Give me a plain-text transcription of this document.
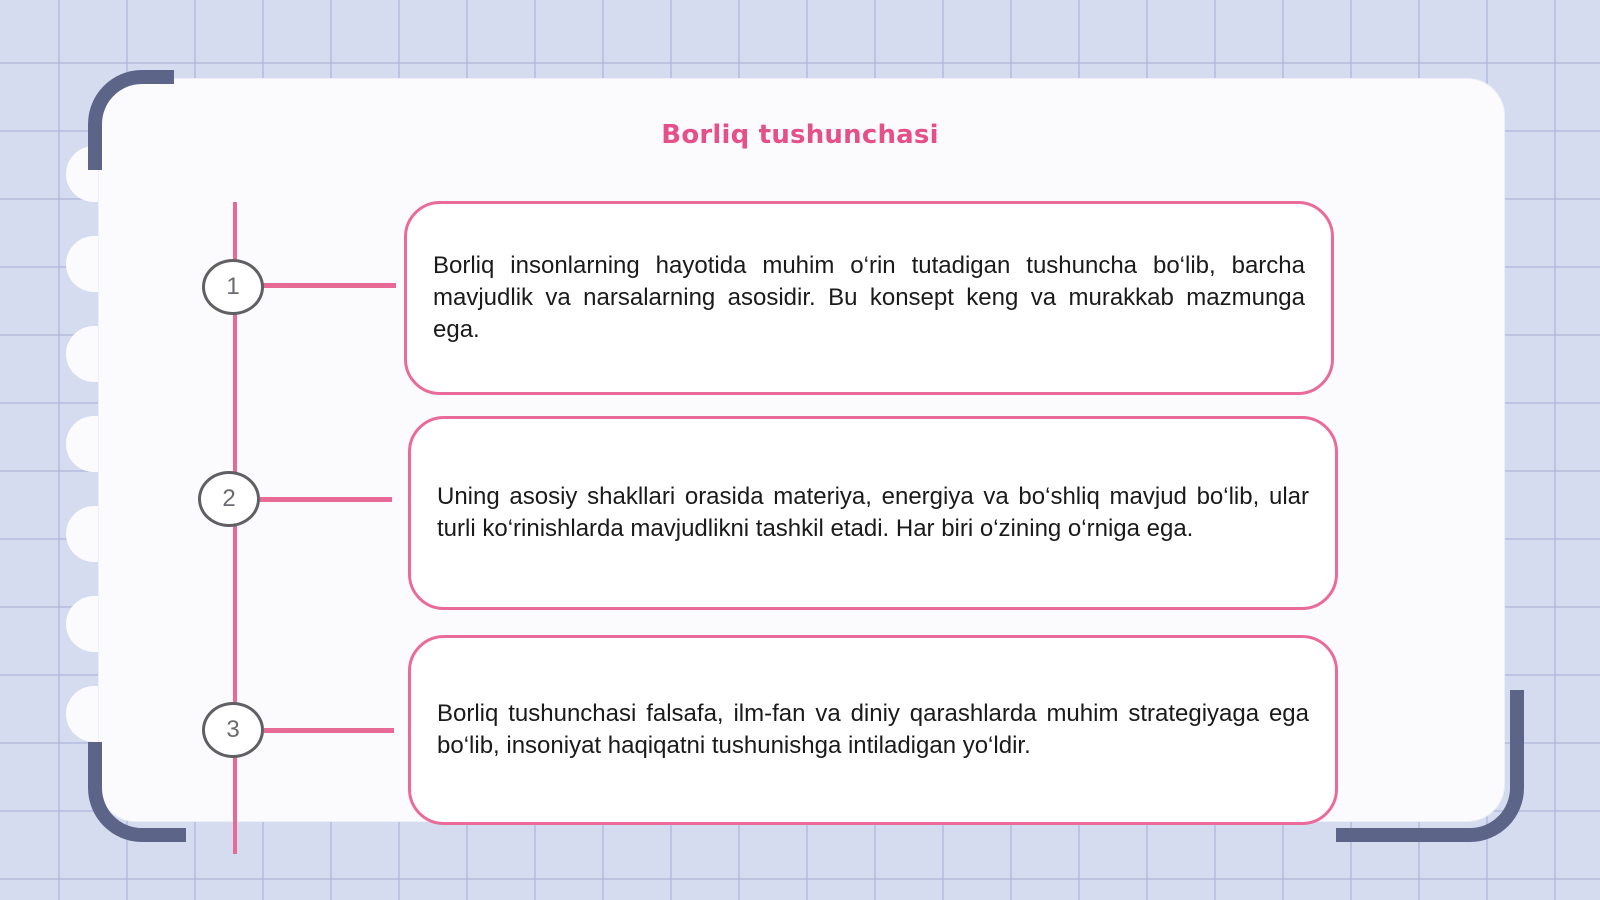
Borliq tushunchasi
1
2
3

Borliq insonlarning hayotida muhim o‘rin tutadigan tushuncha bo‘lib, barcha mavjudlik va narsalarning asosidir. Bu konsept keng va murakkab mazmunga ega.

Uning asosiy shakllari orasida materiya, energiya va bo‘shliq mavjud bo‘lib, ular turli ko‘rinishlarda mavjudlikni tashkil etadi. Har biri o‘zining o‘rniga ega.

Borliq tushunchasi falsafa, ilm-fan va diniy qarashlarda muhim strategiyaga ega bo‘lib, insoniyat haqiqatni tushunishga intiladigan yo‘ldir.
